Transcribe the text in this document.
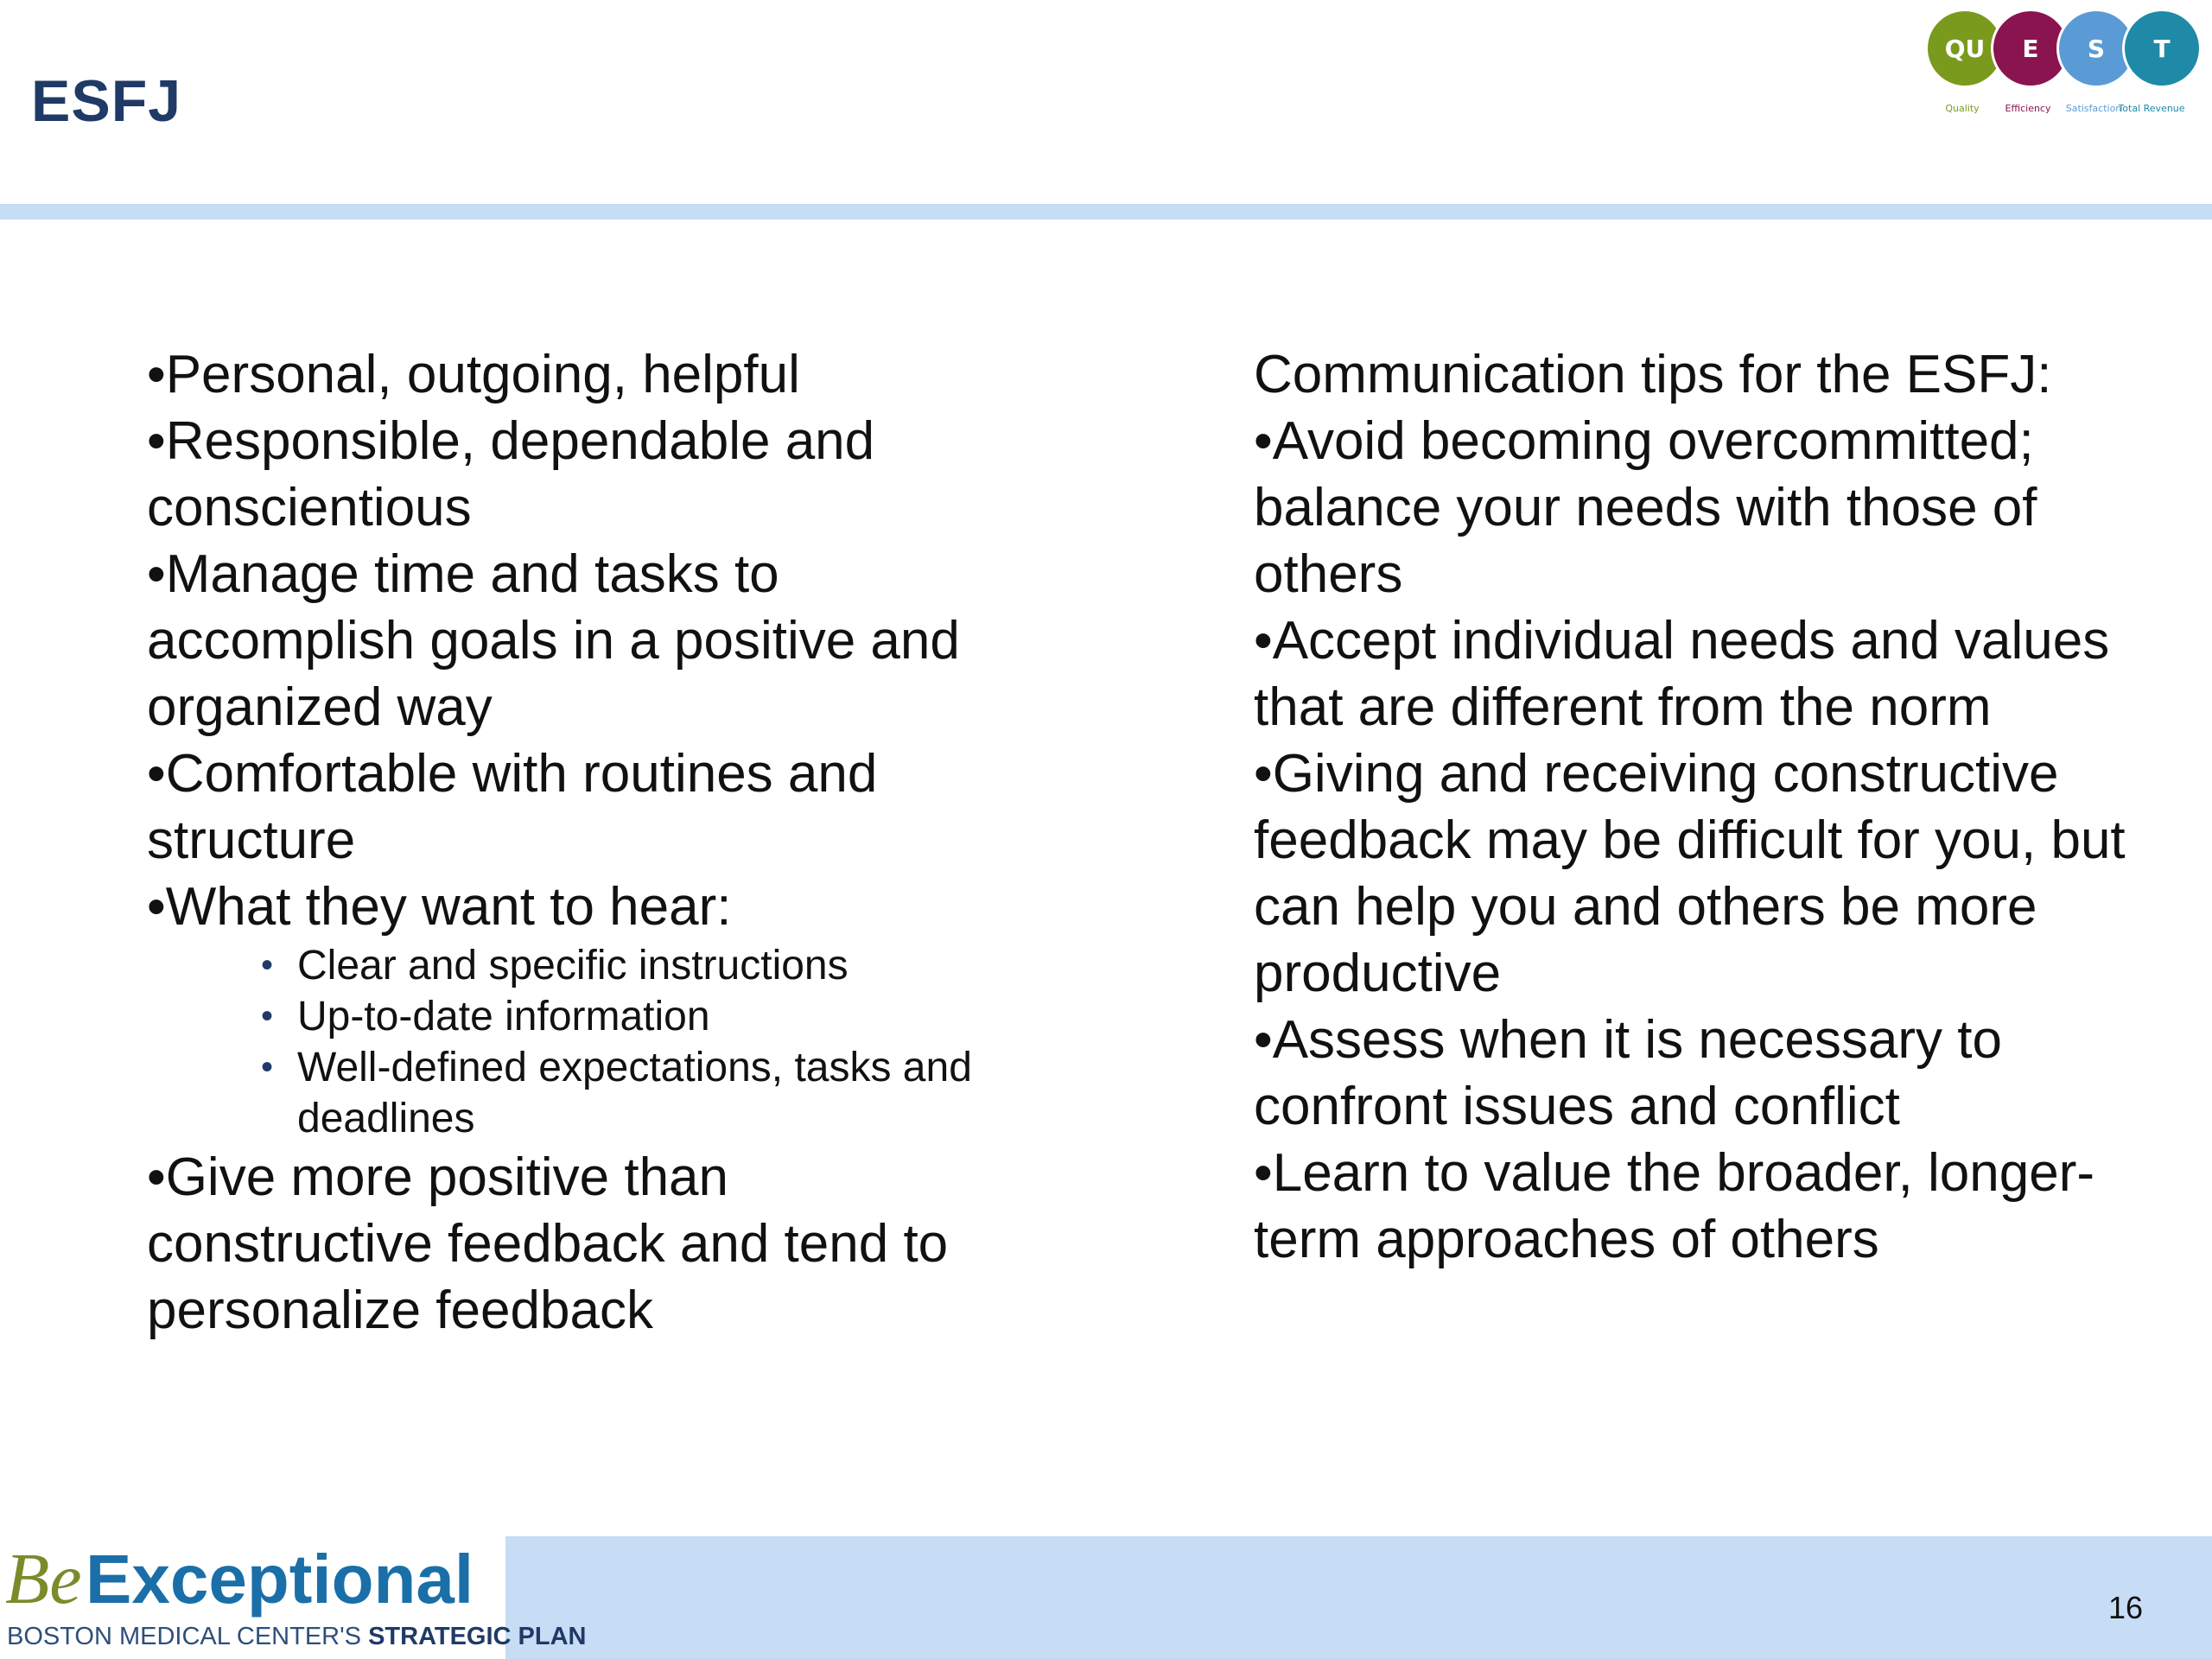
ESFJ
QU	E	S	T
Quality	Efficiency	Satisfaction
Total Revenue

•Personal, outgoing, helpful

•Responsible, dependable and conscientious

•Manage time and tasks to accomplish goals in a positive and organized way

•Comfortable with routines and structure

•What they want to hear:

• Clear and specific instructions
• Up-to-date information
• Well-defined expectations, tasks and deadlines

•Give more positive than constructive feedback and tend to personalize feedback

Communication tips for the ESFJ:

•Avoid becoming overcommitted; balance your needs with those of others

•Accept individual needs and values that are different from the norm

•Giving and receiving constructive feedback may be difficult for you, but can help you and others be more productive

•Assess when it is necessary to confront issues and conflict

•Learn to value the broader, longer-term approaches of others

16
Be Exceptional
BOSTON MEDICAL CENTER'S STRATEGIC PLAN
